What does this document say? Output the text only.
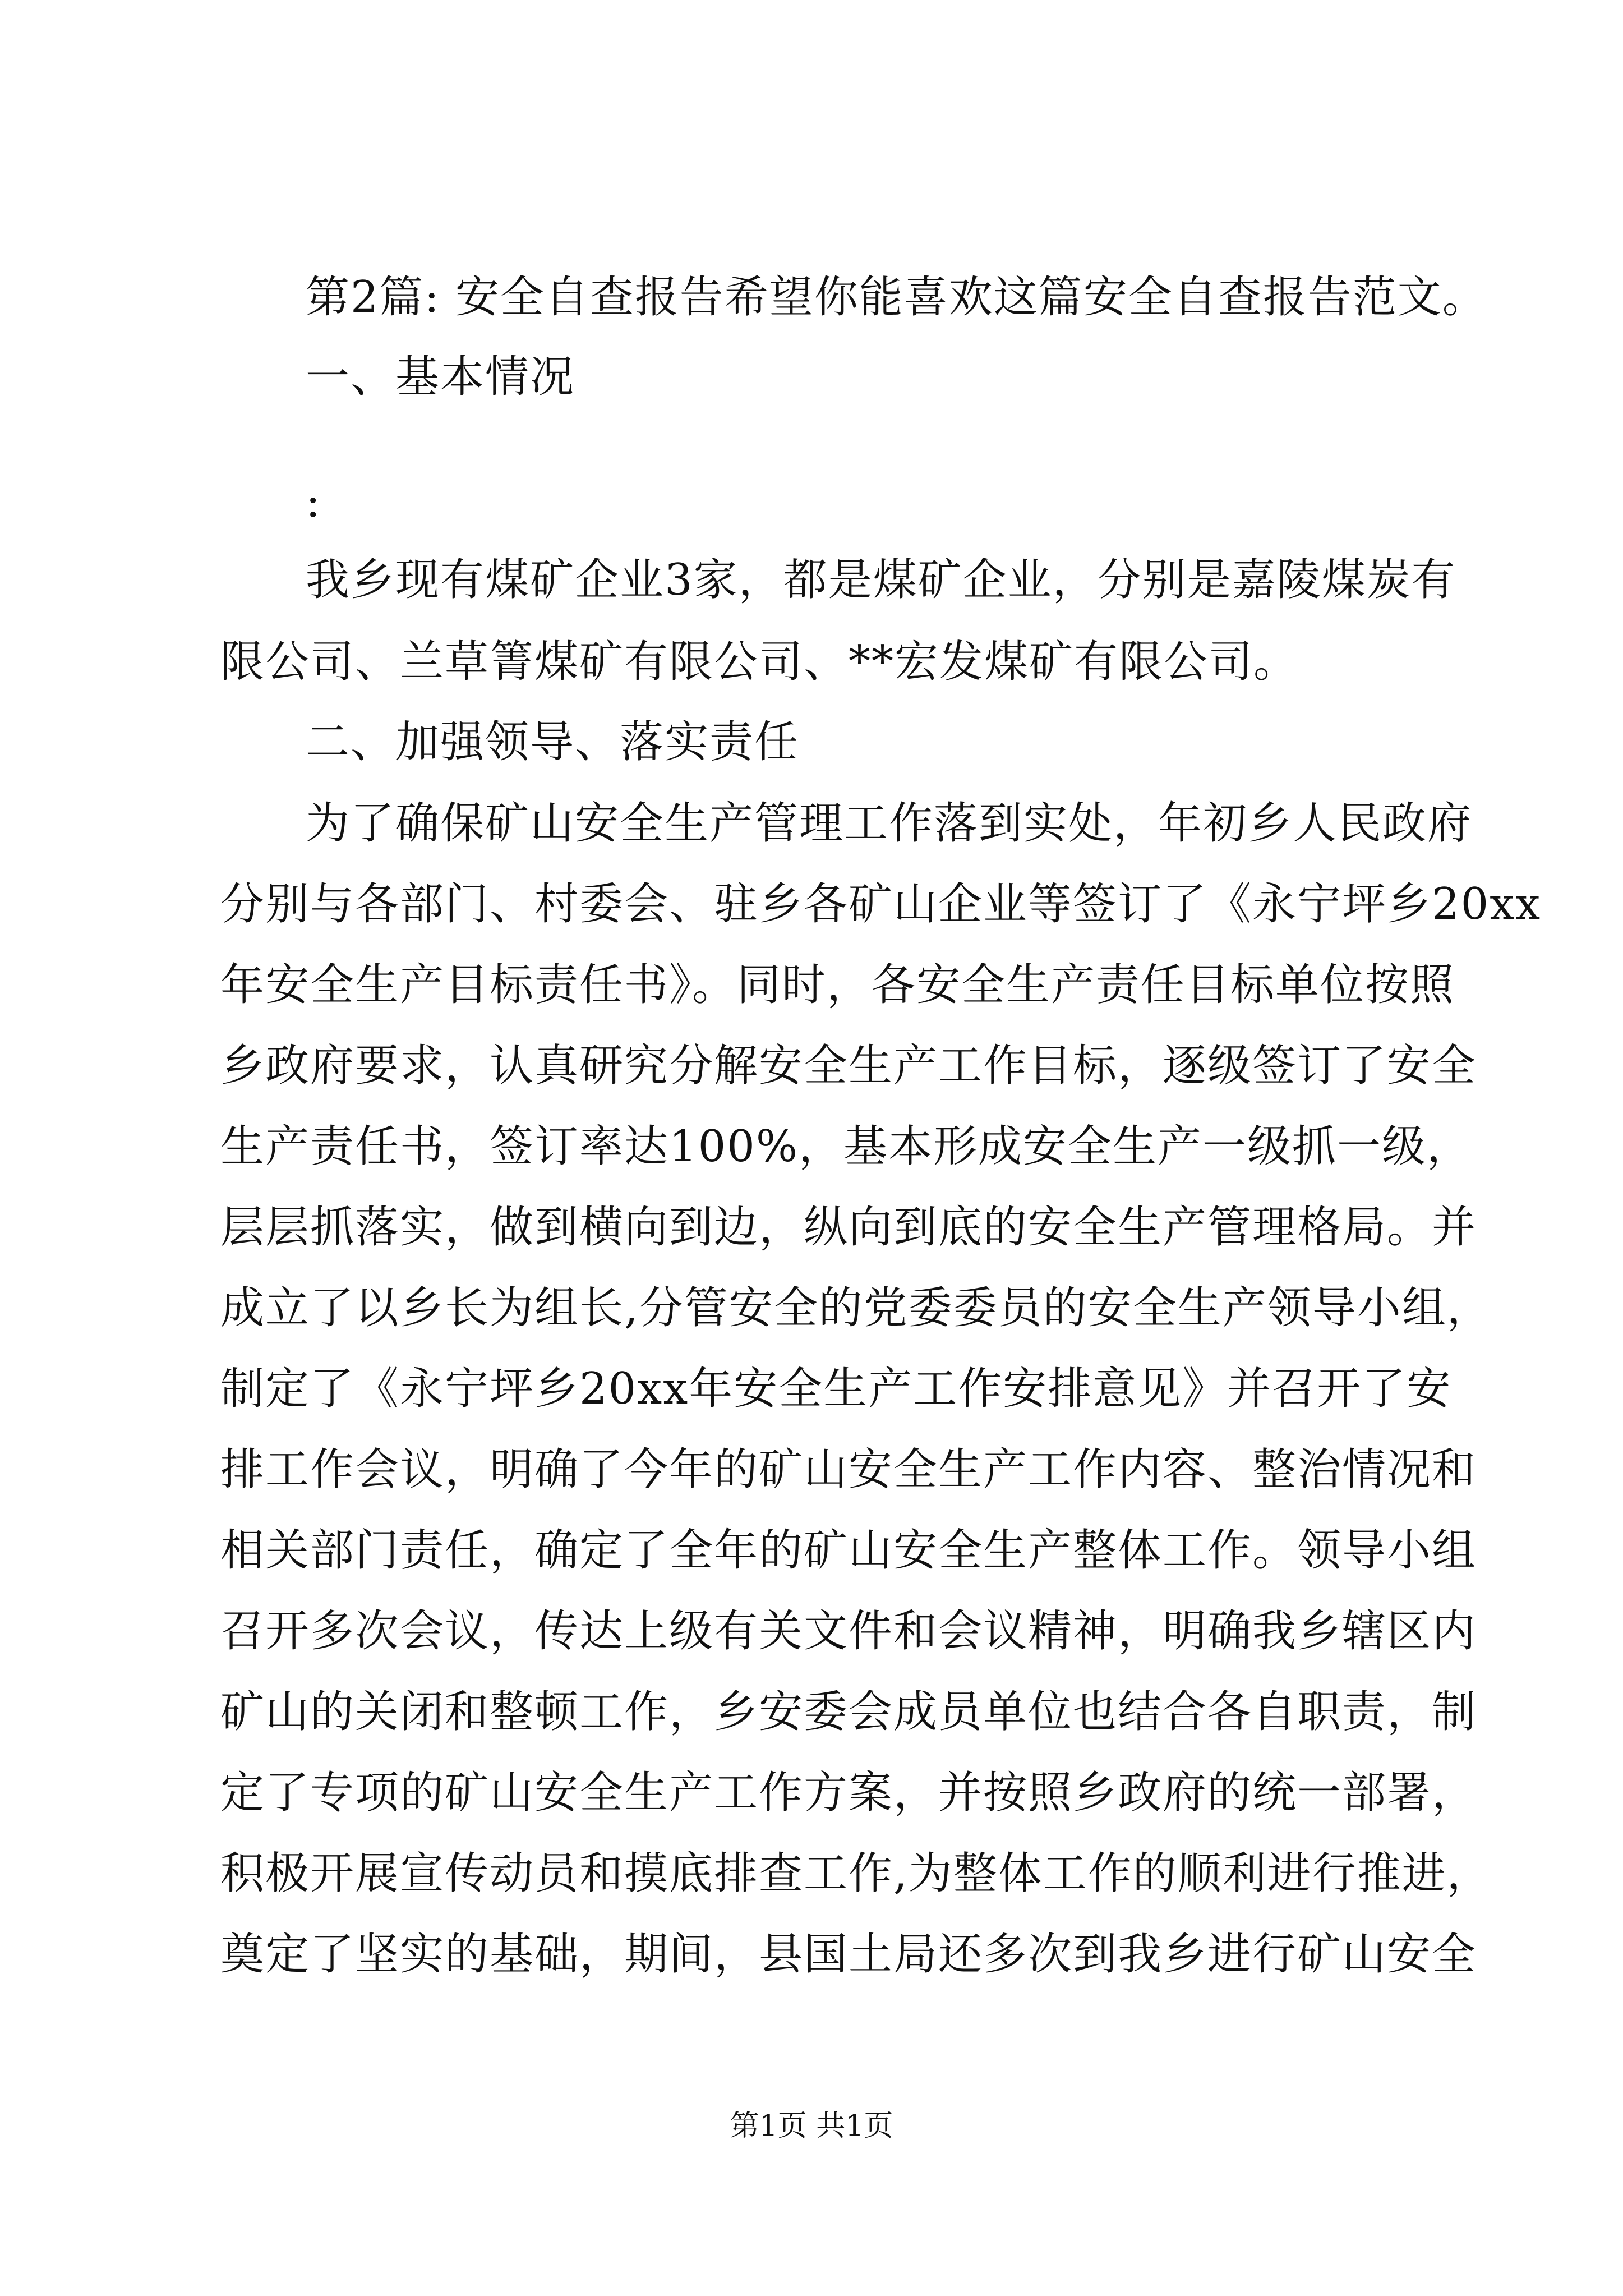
第2篇: 安全自查报告希望你能喜欢这篇安全自查报告范文。
一、基本情况
:
我乡现有煤矿企业3家，都是煤矿企业，分别是嘉陵煤炭有
限公司、兰草箐煤矿有限公司、**宏发煤矿有限公司。
二、加强领导、落实责任
为了确保矿山安全生产管理工作落到实处，年初乡人民政府
分别与各部门、村委会、驻乡各矿山企业等签订了《永宁坪乡20xx
年安全生产目标责任书》。同时，各安全生产责任目标单位按照
乡政府要求，认真研究分解安全生产工作目标，逐级签订了安全
生产责任书，签订率达100%，基本形成安全生产一级抓一级，
层层抓落实，做到横向到边，纵向到底的安全生产管理格局。并
成立了以乡长为组长,分管安全的党委委员的安全生产领导小组，
制定了《永宁坪乡20xx年安全生产工作安排意见》并召开了安
排工作会议，明确了今年的矿山安全生产工作内容、整治情况和
相关部门责任，确定了全年的矿山安全生产整体工作。领导小组
召开多次会议，传达上级有关文件和会议精神，明确我乡辖区内
矿山的关闭和整顿工作，乡安委会成员单位也结合各自职责，制
定了专项的矿山安全生产工作方案，并按照乡政府的统一部署，
积极开展宣传动员和摸底排查工作,为整体工作的顺利进行推进，
奠定了坚实的基础，期间，县国土局还多次到我乡进行矿山安全
第1页 共1页
